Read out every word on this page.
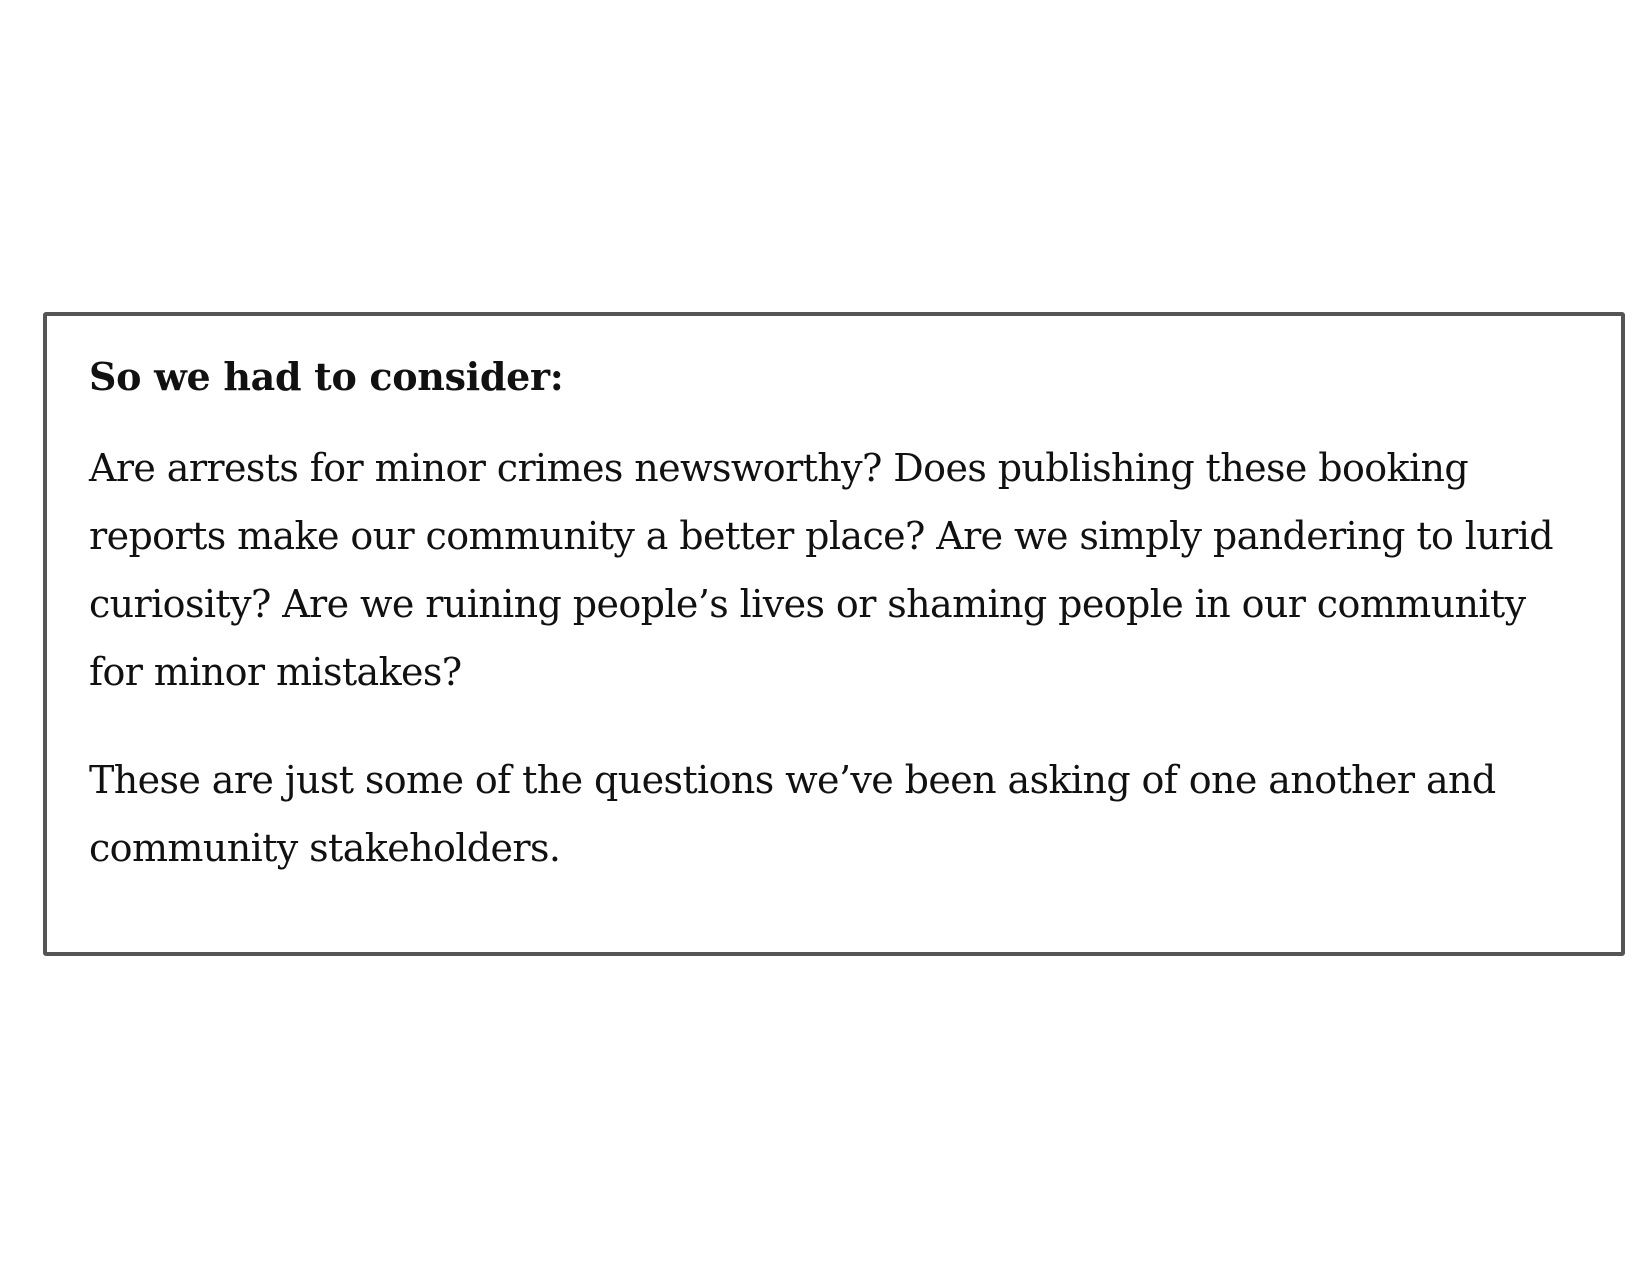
So we had to consider:

Are arrests for minor crimes newsworthy? Does publishing these booking reports make our community a better place? Are we simply pandering to lurid curiosity? Are we ruining people’s lives or shaming people in our community for minor mistakes?

These are just some of the questions we’ve been asking of one another and community stakeholders.
